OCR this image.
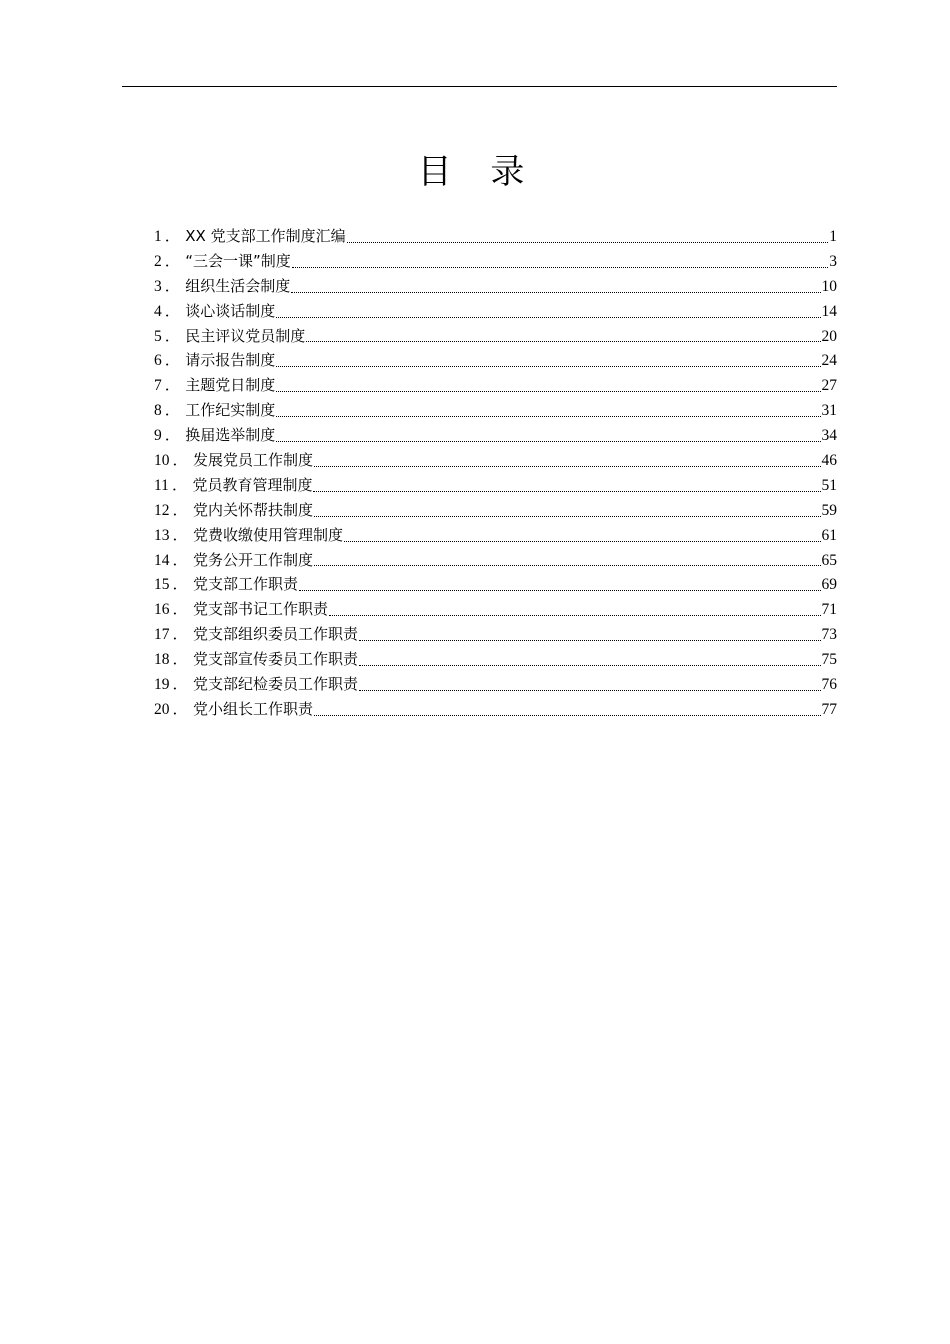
目 录
1 ． XX 党支部工作制度汇编	1
2 ． “三会一课”制度	3
3 ． 组织生活会制度	10
4 ． 谈心谈话制度	14
5 ． 民主评议党员制度	20
6 ． 请示报告制度	24
7 ． 主题党日制度	27
8 ． 工作纪实制度	31
9 ． 换届选举制度	34
10 ． 发展党员工作制度	46
11 ． 党员教育管理制度	51
12 ． 党内关怀帮扶制度	59
13 ． 党费收缴使用管理制度	61
14 ． 党务公开工作制度	65
15 ． 党支部工作职责	69
16 ． 党支部书记工作职责	71
17 ． 党支部组织委员工作职责	73
18 ． 党支部宣传委员工作职责	75
19 ． 党支部纪检委员工作职责	76
20 ． 党小组长工作职责	77
